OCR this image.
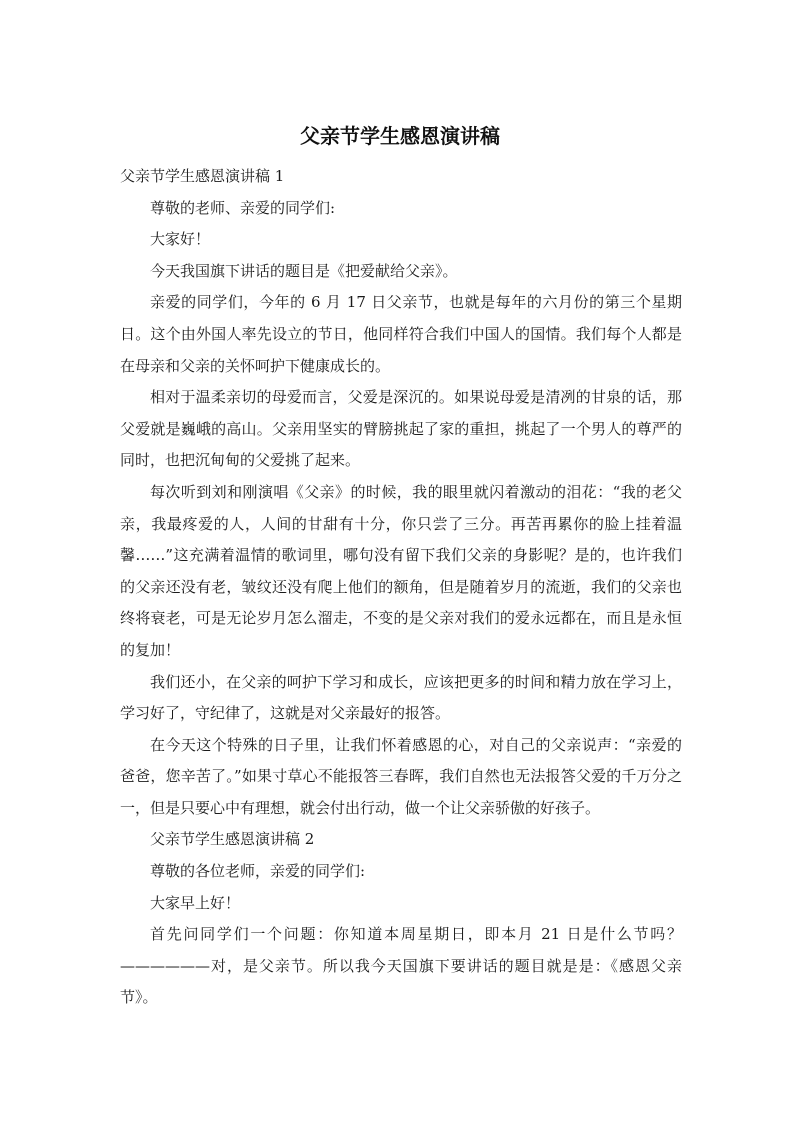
父亲节学生感恩演讲稿

父亲节学生感恩演讲稿 1

尊敬的老师、亲爱的同学们:

大家好！

今天我国旗下讲话的题目是《把爱献给父亲》。

亲爱的同学们，今年的 6 月 17 日父亲节，也就是每年的六月份的第三个星期日。这个由外国人率先设立的节日，他同样符合我们中国人的国情。我们每个人都是在母亲和父亲的关怀呵护下健康成长的。

相对于温柔亲切的母爱而言，父爱是深沉的。如果说母爱是清冽的甘泉的话，那父爱就是巍峨的高山。父亲用坚实的臂膀挑起了家的重担，挑起了一个男人的尊严的同时，也把沉甸甸的父爱挑了起来。

每次听到刘和刚演唱《父亲》的时候，我的眼里就闪着激动的泪花：“我的老父亲，我最疼爱的人，人间的甘甜有十分，你只尝了三分。再苦再累你的脸上挂着温馨……”这充满着温情的歌词里，哪句没有留下我们父亲的身影呢？是的，也许我们的父亲还没有老，皱纹还没有爬上他们的额角，但是随着岁月的流逝，我们的父亲也终将衰老，可是无论岁月怎么溜走，不变的是父亲对我们的爱永远都在，而且是永恒的复加！

我们还小，在父亲的呵护下学习和成长，应该把更多的时间和精力放在学习上，学习好了，守纪律了，这就是对父亲最好的报答。

在今天这个特殊的日子里，让我们怀着感恩的心，对自己的父亲说声：“亲爱的爸爸，您辛苦了。”如果寸草心不能报答三春晖，我们自然也无法报答父爱的千万分之一，但是只要心中有理想，就会付出行动，做一个让父亲骄傲的好孩子。

父亲节学生感恩演讲稿 2

尊敬的各位老师，亲爱的同学们:

大家早上好！

首先问同学们一个问题：你知道本周星期日，即本月 21 日是什么节吗？——————对，是父亲节。所以我今天国旗下要讲话的题目就是是：《感恩父亲节》。
